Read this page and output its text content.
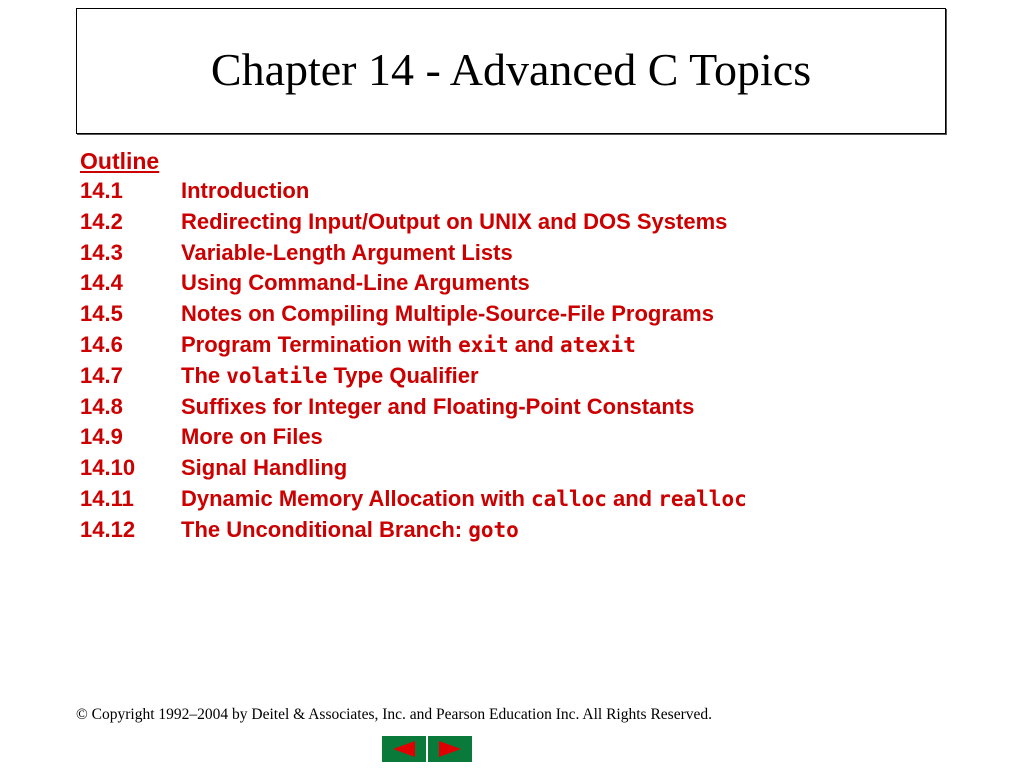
Chapter 14 - Advanced C Topics
Outline
14.1	Introduction
14.2	Redirecting Input/Output on UNIX and DOS Systems
14.3	Variable-Length Argument Lists
14.4	Using Command-Line Arguments
14.5	Notes on Compiling Multiple-Source-File Programs
14.6	Program Termination with exit and atexit
14.7	The volatile Type Qualifier
14.8	Suffixes for Integer and Floating-Point Constants
14.9	More on Files
14.10	Signal Handling
14.11	Dynamic Memory Allocation with calloc and realloc
14.12	The Unconditional Branch: goto
© Copyright 1992–2004 by Deitel & Associates, Inc. and Pearson Education Inc. All Rights Reserved.
